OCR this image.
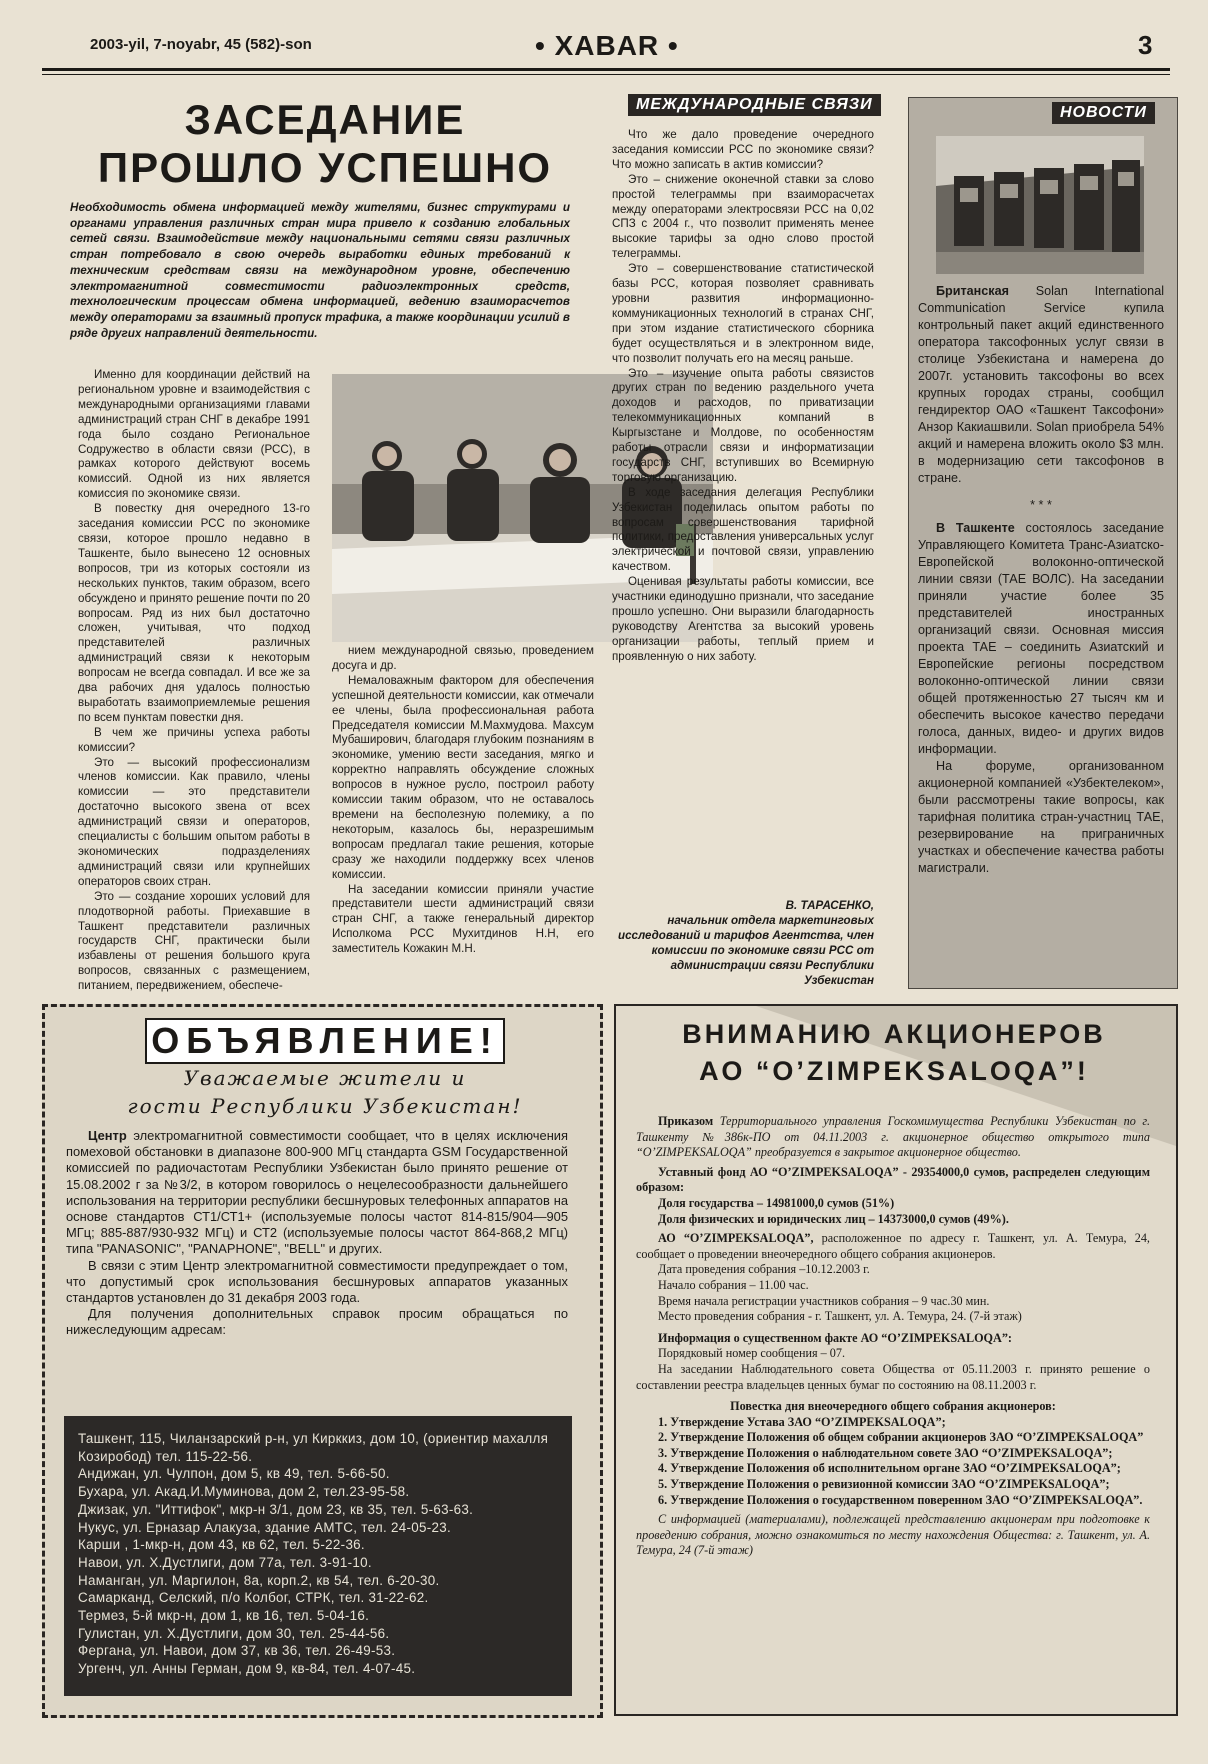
2003-yil, 7-noyabr, 45 (582)-son	• XABAR •	3
ЗАСЕДАНИЕ
ПРОШЛО УСПЕШНО
МЕЖДУНАРОДНЫЕ СВЯЗИ
Необходимость обмена информацией между жителями, бизнес структурами и органами управления различных стран мира привело к созданию глобальных сетей связи. Взаимодействие между национальными сетями связи различных стран потребовало в свою очередь выработки единых требований к техническим средствам связи на международном уровне, обеспечению электромагнитной совместимости радиоэлектронных средств, технологическим процессам обмена информацией, ведению взаиморасчетов между операторами за взаимный пропуск трафика, а также координации усилий в ряде других направлений деятельности.

Именно для координации действий на региональном уровне и взаимодействия с международными организациями главами администраций стран СНГ в декабре 1991 года было создано Региональное Содружество в области связи (РСС), в рамках которого действуют восемь комиссий. Одной из них является комиссия по экономике связи.

В повестку дня очередного 13-го заседания комиссии РСС по экономике связи, которое прошло недавно в Ташкенте, было вынесено 12 основных вопросов, три из которых состояли из нескольких пунктов, таким образом, всего обсуждено и принято решение почти по 20 вопросам. Ряд из них был достаточно сложен, учитывая, что подход представителей различных администраций связи к некоторым вопросам не всегда совпадал. И все же за два рабочих дня удалось полностью выработать взаимоприемлемые решения по всем пунктам повестки дня.

В чем же причины успеха работы комиссии?

Это — высокий профессионализм членов комиссии. Как правило, члены комиссии — это представители достаточно высокого звена от всех администраций связи и операторов, специалисты с большим опытом работы в экономических подразделениях администраций связи или крупнейших операторов своих стран.

Это — создание хороших условий для плодотворной работы. Приехавшие в Ташкент представители различных государств СНГ, практически были избавлены от решения большого круга вопросов, связанных с размещением, питанием, передвижением, обеспече-

нием международной связью, проведением досуга и др.

Немаловажным фактором для обеспечения успешной деятельности комиссии, как отмечали ее члены, была профессиональная работа Председателя комиссии М.Махмудова. Махсум Мубаширович, благодаря глубоким познаниям в экономике, умению вести заседания, мягко и корректно направлять обсуждение сложных вопросов в нужное русло, построил работу комиссии таким образом, что не оставалось времени на бесполезную полемику, а по некоторым, казалось бы, неразрешимым вопросам предлагал такие решения, которые сразу же находили поддержку всех членов комиссии.

На заседании комиссии приняли участие представители шести администраций связи стран СНГ, а также генеральный директор Исполкома РСС Мухитдинов Н.Н, его заместитель Кожакин М.Н.

Что же дало проведение очередного заседания комиссии РСС по экономике связи? Что можно записать в актив комиссии?

Это – снижение оконечной ставки за слово простой телеграммы при взаиморасчетах между операторами электросвязи РСС на 0,02 СПЗ с 2004 г., что позволит применять менее высокие тарифы за одно слово простой телеграммы.

Это – совершенствование статистической базы РСС, которая позволяет сравнивать уровни развития информационно-коммуникационных технологий в странах СНГ, при этом издание статистического сборника будет осуществляться и в электронном виде, что позволит получать его на месяц раньше.

Это – изучение опыта работы связистов других стран по ведению раздельного учета доходов и расходов, по приватизации телекоммуникационных компаний в Кыргызстане и Молдове, по особенностям работы отрасли связи и информатизации государств СНГ, вступивших во Всемирную торговую организацию.

В ходе заседания делегация Республики Узбекистан поделилась опытом работы по вопросам совершенствования тарифной политики, предоставления универсальных услуг электрической и почтовой связи, управлению качеством.

Оценивая результаты работы комиссии, все участники единодушно признали, что заседание прошло успешно. Они выразили благодарность руководству Агентства за высокий уровень организации работы, теплый прием и проявленную о них заботу.

В. ТАРАСЕНКО,
начальник отдела маркетинговых исследований и тарифов Агентства, член комиссии по экономике связи РСС от администрации связи Республики Узбекистан
НОВОСТИ

Британская Solan International Communication Service купила контрольный пакет акций единственного оператора таксофонных услуг связи в столице Узбекистана и намерена до 2007г. установить таксофоны во всех крупных городах страны, сообщил гендиректор ОАО «Ташкент Таксофони» Анзор Какиашвили. Solan приобрела 54% акций и намерена вложить около $3 млн. в модернизацию сети таксофонов в стране.

* * *

В Ташкенте состоялось заседание Управляющего Комитета Транс-Азиатско-Европейской волоконно-оптической линии связи (ТАЕ ВОЛС). На заседании приняли участие более 35 представителей иностранных организаций связи. Основная миссия проекта ТАЕ – соединить Азиатский и Европейские регионы посредством волоконно-оптической линии связи общей протяженностью 27 тысяч км и обеспечить высокое качество передачи голоса, данных, видео- и других видов информации.

На форуме, организованном акционерной компанией «Узбектелеком», были рассмотрены такие вопросы, как тарифная политика стран-участниц ТАЕ, резервирование на приграничных участках и обеспечение качества работы магистрали.

ОБЪЯВЛЕНИЕ!
Уважаемые жители и
гости Республики Узбекистан!

Центр электромагнитной совместимости сообщает, что в целях исключения помеховой обстановки в диапазоне 800-900 МГц стандарта GSM Государственной комиссией по радиочастотам Республики Узбекистан было принято решение от 15.08.2002 г за №3/2, в котором говорилось о нецелесообразности дальнейшего использования на территории республики бесшнуровых телефонных аппаратов на основе стандартов СТ1/СТ1+ (используемые полосы частот 814-815/904—905 МГц; 885-887/930-932 МГц) и СТ2 (используемые полосы частот 864-868,2 МГц) типа "PANASONIC", "PANAPHONE", "BELL" и других.

В связи с этим Центр электромагнитной совместимости предупреждает о том, что допустимый срок использования бесшнуровых аппаратов указанных стандартов установлен до 31 декабря 2003 года.

Для получения дополнительных справок просим обращаться по нижеследующим адресам:

Ташкент, 115, Чиланзарский р-н, ул Кирккиз, дом 10, (ориентир махалля Козиробод) тел. 115-22-56.

Андижан, ул. Чулпон, дом 5, кв 49, тел. 5-66-50.

Бухара, ул. Акад.И.Муминова, дом 2, тел.23-95-58.

Джизак, ул. "Иттифок", мкр-н 3/1, дом 23, кв 35, тел. 5-63-63.

Нукус, ул. Ерназар Алакуза, здание АМТС, тел. 24-05-23.

Карши , 1-мкр-н, дом 43, кв 62, тел. 5-22-36.

Навои, ул. Х.Дустлиги, дом 77а, тел. 3-91-10.

Наманган, ул. Маргилон, 8а, корп.2, кв 54, тел. 6-20-30.

Самарканд, Селский, п/о Колбог, СТРК, тел. 31-22-62.

Термез, 5-й мкр-н, дом 1, кв 16, тел. 5-04-16.

Гулистан, ул. Х.Дустлиги, дом 30, тел. 25-44-56.

Фергана, ул. Навои, дом 37, кв 36, тел. 26-49-53.

Ургенч, ул. Анны Герман, дом 9, кв-84, тел. 4-07-45.

ВНИМАНИЮ АКЦИОНЕРОВ
АО “O’ZIMPEKSALOQA”!

Приказом Территориального управления Госкомимущества Республики Узбекистан по г. Ташкенту №386к-ПО от 04.11.2003 г. акционерное общество открытого типа “O’ZIMPEKSALOQA” преобразуется в закрытое акционерное общество.

Уставный фонд АО “O’ZIMPEKSALOQA” - 29354000,0 сумов, распределен следующим образом:

Доля государства – 14981000,0 сумов (51%)

Доля физических и юридических лиц – 14373000,0 сумов (49%).

АО “O’ZIMPEKSALOQA”, расположенное по адресу г. Ташкент, ул. А. Темура, 24, сообщает о проведении внеочередного общего собрания акционеров.

Дата проведения собрания –10.12.2003 г.

Начало собрания – 11.00 час.

Время начала регистрации участников собрания – 9 час.30 мин.

Место проведения собрания - г. Ташкент, ул. А. Темура, 24. (7-й этаж)

Информация о существенном факте АО “O’ZIMPEKSALOQA”:

Порядковый номер сообщения – 07.

На заседании Наблюдательного совета Общества от 05.11.2003 г. принято решение о составлении реестра владельцев ценных бумаг по состоянию на 08.11.2003 г.

Повестка дня внеочередного общего собрания акционеров:

1. Утверждение Устава ЗАО “O’ZIMPEKSALOQA”;

2. Утверждение Положения об общем собрании акционеров ЗАО “O’ZIMPEKSALOQA”

3. Утверждение Положения о наблюдательном совете ЗАО “O’ZIMPEKSALOQA”;

4. Утверждение Положения об исполнительном органе ЗАО “O’ZIMPEKSALOQA”;

5. Утверждение Положения о ревизионной комиссии ЗАО “O’ZIMPEKSALOQA”;

6. Утверждение Положения о государственном поверенном ЗАО “O’ZIMPEKSALOQA”.

С информацией (материалами), подлежащей представлению акционерам при подготовке к проведению собрания, можно ознакомиться по месту нахождения Общества: г. Ташкент, ул. А. Темура, 24 (7-й этаж)
